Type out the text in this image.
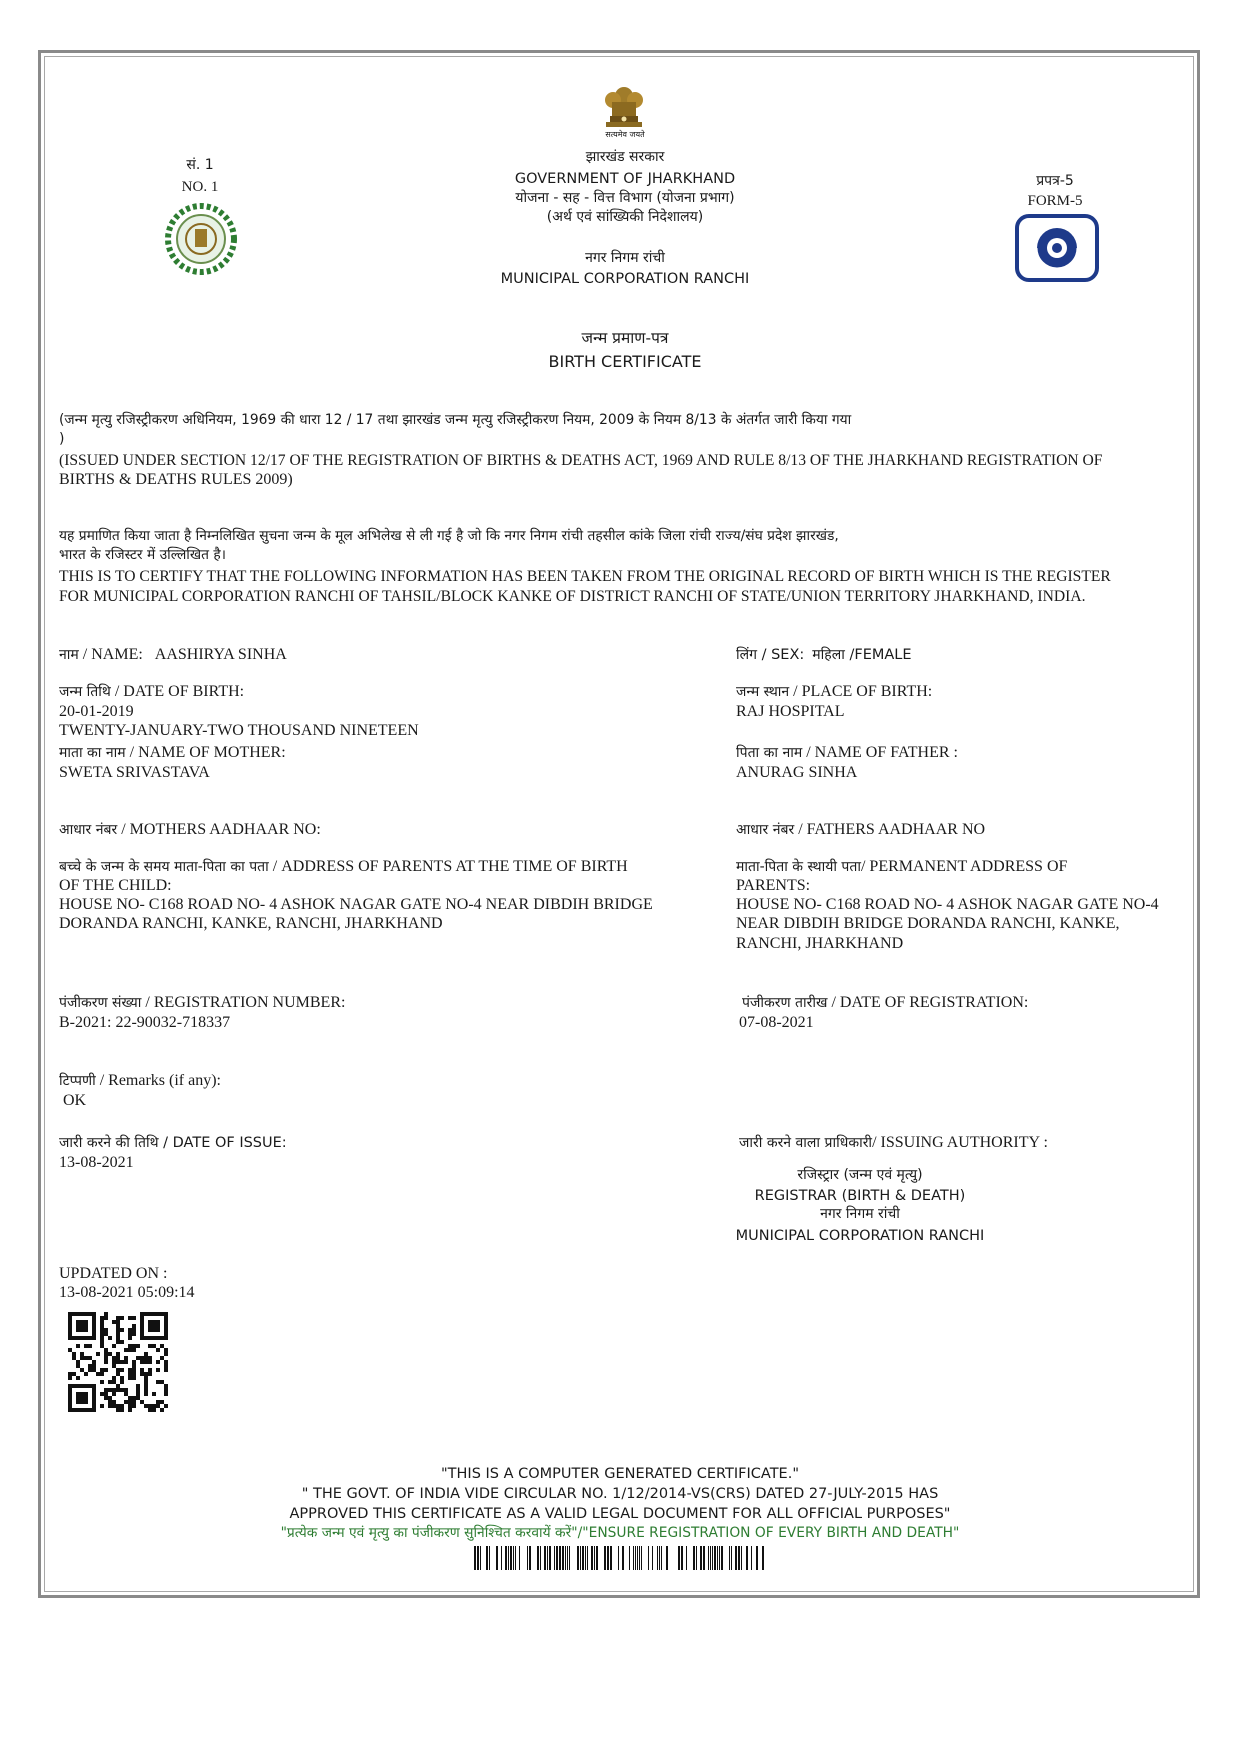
सत्यमेव जयते
झारखंड सरकार
GOVERNMENT OF JHARKHAND
योजना - सह - वित्त विभाग (योजना प्रभाग)
(अर्थ एवं सांख्यिकी निदेशालय)
नगर निगम रांची
MUNICIPAL CORPORATION RANCHI
सं. 1
NO. 1	प्रपत्र-5
FORM-5
जन्म प्रमाण-पत्र
BIRTH CERTIFICATE
(जन्म मृत्यु रजिस्ट्रीकरण अधिनियम, 1969 की धारा 12 / 17 तथा झारखंड जन्म मृत्यु रजिस्ट्रीकरण नियम, 2009 के नियम 8/13 के अंतर्गत जारी किया गया
)
(ISSUED UNDER SECTION 12/17 OF THE REGISTRATION OF BIRTHS & DEATHS ACT, 1969 AND RULE 8/13 OF THE JHARKHAND REGISTRATION OF
BIRTHS & DEATHS RULES 2009)
यह प्रमाणित किया जाता है निम्नलिखित सुचना जन्म के मूल अभिलेख से ली गई है जो कि नगर निगम रांची तहसील कांके जिला रांची राज्य/संघ प्रदेश झारखंड,
भारत के रजिस्टर में उल्लिखित है।
THIS IS TO CERTIFY THAT THE FOLLOWING INFORMATION HAS BEEN TAKEN FROM THE ORIGINAL RECORD OF BIRTH WHICH IS THE REGISTER
FOR MUNICIPAL CORPORATION RANCHI OF TAHSIL/BLOCK KANKE OF DISTRICT RANCHI OF STATE/UNION TERRITORY JHARKHAND, INDIA.
नाम / NAME: AASHIRYA SINHA	लिंग / SEX: महिला /FEMALE
जन्म तिथि / DATE OF BIRTH:
20-01-2019
TWENTY-JANUARY-TWO THOUSAND NINETEEN
जन्म स्थान / PLACE OF BIRTH:
RAJ HOSPITAL
माता का नाम / NAME OF MOTHER:
SWETA SRIVASTAVA
पिता का नाम / NAME OF FATHER :
ANURAG SINHA
आधार नंबर / MOTHERS AADHAAR NO:	आधार नंबर / FATHERS AADHAAR NO
बच्चे के जन्म के समय माता-पिता का पता / ADDRESS OF PARENTS AT THE TIME OF BIRTH
OF THE CHILD:
HOUSE NO- C168 ROAD NO- 4 ASHOK NAGAR GATE NO-4 NEAR DIBDIH BRIDGE
DORANDA RANCHI, KANKE, RANCHI, JHARKHAND
माता-पिता के स्थायी पता/ PERMANENT ADDRESS OF
PARENTS:
HOUSE NO- C168 ROAD NO- 4 ASHOK NAGAR GATE NO-4
NEAR DIBDIH BRIDGE DORANDA RANCHI, KANKE,
RANCHI, JHARKHAND
पंजीकरण संख्या / REGISTRATION NUMBER:
B-2021: 22-90032-718337
पंजीकरण तारीख / DATE OF REGISTRATION:
07-08-2021
टिप्पणी / Remarks (if any):
OK
जारी करने की तिथि / DATE OF ISSUE:
13-08-2021
जारी करने वाला प्राधिकारी/ ISSUING AUTHORITY :
रजिस्ट्रार (जन्म एवं मृत्यु)
REGISTRAR (BIRTH & DEATH)
नगर निगम रांची
MUNICIPAL CORPORATION RANCHI
UPDATED ON :
13-08-2021 05:09:14
"THIS IS A COMPUTER GENERATED CERTIFICATE."
" THE GOVT. OF INDIA VIDE CIRCULAR NO. 1/12/2014-VS(CRS) DATED 27-JULY-2015 HAS
APPROVED THIS CERTIFICATE AS A VALID LEGAL DOCUMENT FOR ALL OFFICIAL PURPOSES"
"प्रत्येक जन्म एवं मृत्यु का पंजीकरण सुनिश्चित करवायें करें"/"ENSURE REGISTRATION OF EVERY BIRTH AND DEATH"
